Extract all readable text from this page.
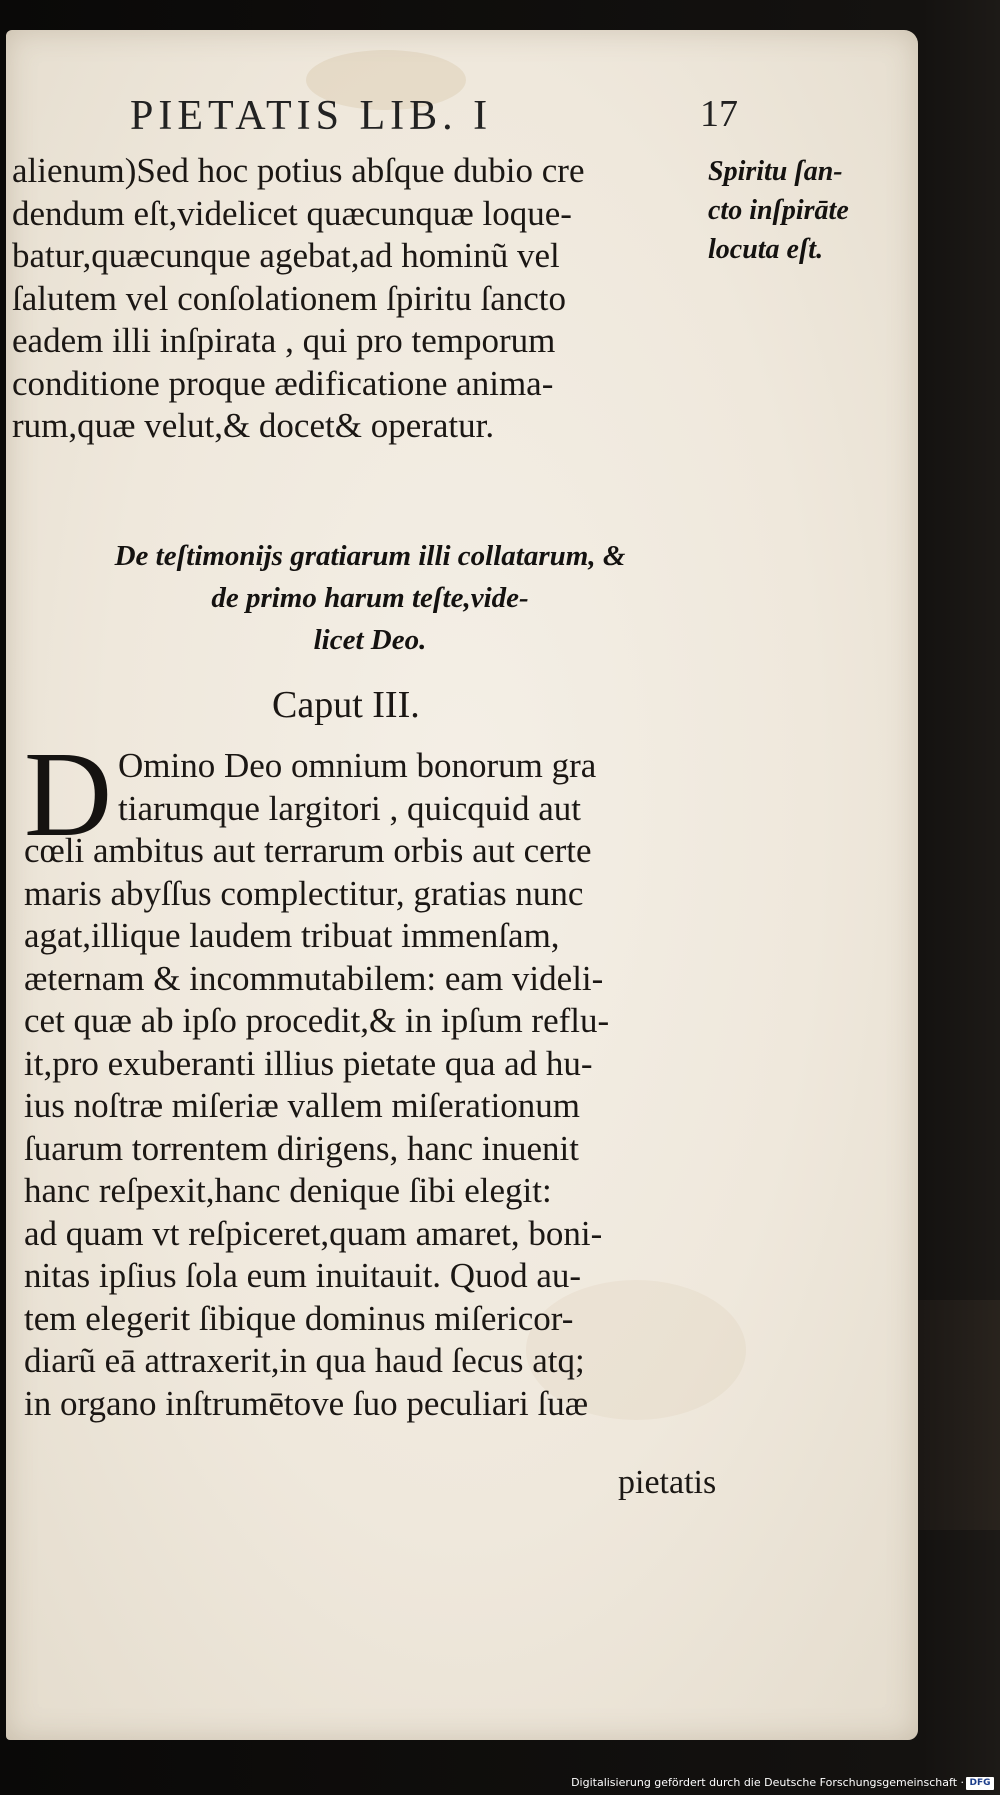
PIETATIS LIB. I	17
alienum)Sed hoc potius abſque dubio cre
dendum eſt,videlicet quæcunquæ loque-
batur,quæcunque agebat,ad hominũ vel
ſalutem vel conſolationem ſpiritu ſancto
eadem illi inſpirata , qui pro temporum
conditione proque ædificatione anima-
rum,quæ velut,& docet& operatur.
Spiritu ſan-
cto inſpirāte
locuta eſt.
De teſtimonijs gratiarum illi collatarum, &
de primo harum teſte,vide-
licet Deo.
Caput III.
D Omino Deo omnium bonorum gra
tiarumque largitori , quicquid aut
cœli ambitus aut terrarum orbis aut certe
maris abyſſus complectitur, gratias nunc
agat,illique laudem tribuat immenſam,
æternam & incommutabilem: eam videli-
cet quæ ab ipſo procedit,& in ipſum reflu-
it,pro exuberanti illius pietate qua ad hu-
ius noſtræ miſeriæ vallem miſerationum
ſuarum torrentem dirigens, hanc inuenit
hanc reſpexit,hanc denique ſibi elegit:
ad quam vt reſpiceret,quam amaret, boni-
nitas ipſius ſola eum inuitauit. Quod au-
tem elegerit ſibique dominus miſericor-
diarũ eā attraxerit,in qua haud ſecus atq;
in organo inſtrumētove ſuo peculiari ſuæ
pietatis
Digitalisierung gefördert durch die Deutsche Forschungsgemeinschaft · DFG
